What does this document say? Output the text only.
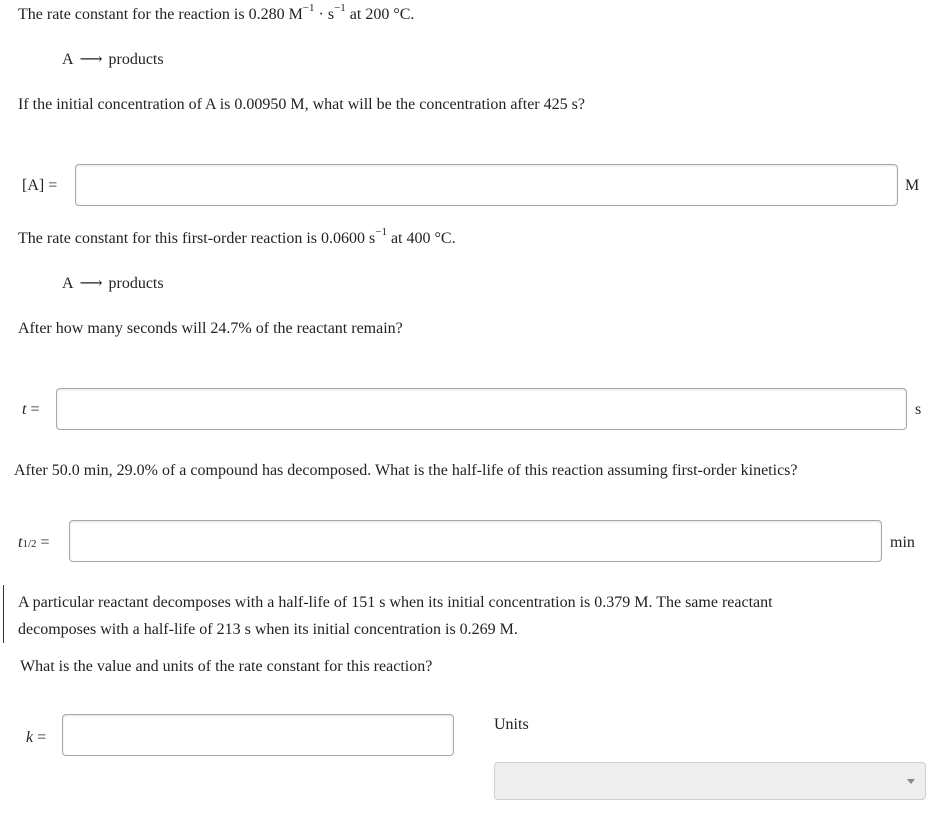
The rate constant for the reaction is 0.280 $M^{-1} \cdot s^{-1}$ at 200 °C.
A ⟶ products
If the initial concentration of A is 0.00950 M, what will be the concentration after 425 s?
[A] =	M
The rate constant for this first-order reaction is 0.0600 $s^{-1}$ at 400 °C.
A ⟶ products
After how many seconds will 24.7% of the reactant remain?
t =	s
After 50.0 min, 29.0% of a compound has decomposed. What is the half-life of this reaction assuming first-order kinetics?
t1/2 =	min
A particular reactant decomposes with a half-life of 151 s when its initial concentration is 0.379 M. The same reactant
decomposes with a half-life of 213 s when its initial concentration is 0.269 M.
What is the value and units of the rate constant for this reaction?
k =
Units
